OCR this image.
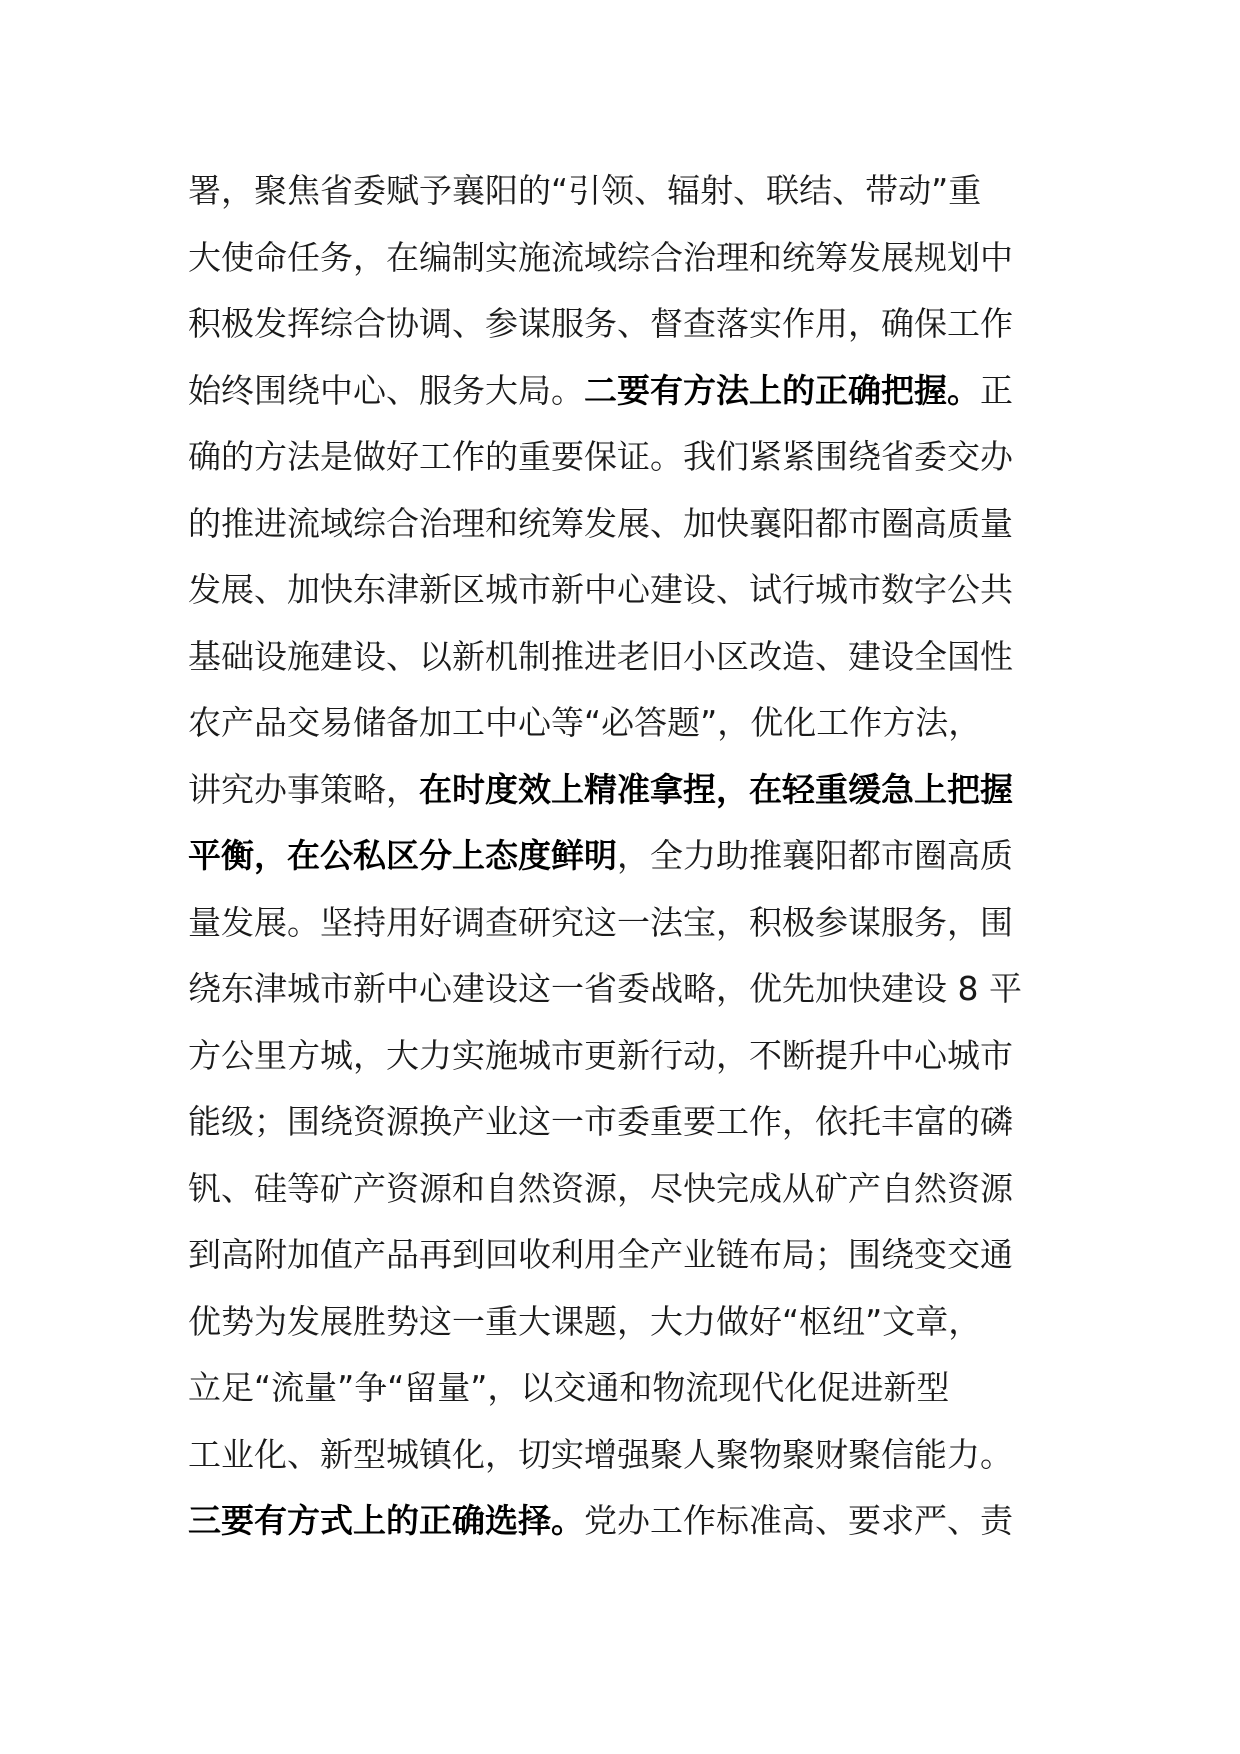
署，聚焦省委赋予襄阳的“引领、辐射、联结、带动”重
大使命任务，在编制实施流域综合治理和统筹发展规划中
积极发挥综合协调、参谋服务、督查落实作用，确保工作
始终围绕中心、服务大局。二要有方法上的正确把握。正
确的方法是做好工作的重要保证。我们紧紧围绕省委交办
的推进流域综合治理和统筹发展、加快襄阳都市圈高质量
发展、加快东津新区城市新中心建设、试行城市数字公共
基础设施建设、以新机制推进老旧小区改造、建设全国性
农产品交易储备加工中心等“必答题”，优化工作方法，
讲究办事策略，在时度效上精准拿捏，在轻重缓急上把握
平衡，在公私区分上态度鲜明，全力助推襄阳都市圈高质
量发展。坚持用好调查研究这一法宝，积极参谋服务，围
绕东津城市新中心建设这一省委战略，优先加快建设 8 平
方公里方城，大力实施城市更新行动，不断提升中心城市
能级；围绕资源换产业这一市委重要工作，依托丰富的磷
钒、硅等矿产资源和自然资源，尽快完成从矿产自然资源
到高附加值产品再到回收利用全产业链布局；围绕变交通
优势为发展胜势这一重大课题，大力做好“枢纽”文章，
立足“流量”争“留量”，以交通和物流现代化促进新型
工业化、新型城镇化，切实增强聚人聚物聚财聚信能力。
三要有方式上的正确选择。党办工作标准高、要求严、责
